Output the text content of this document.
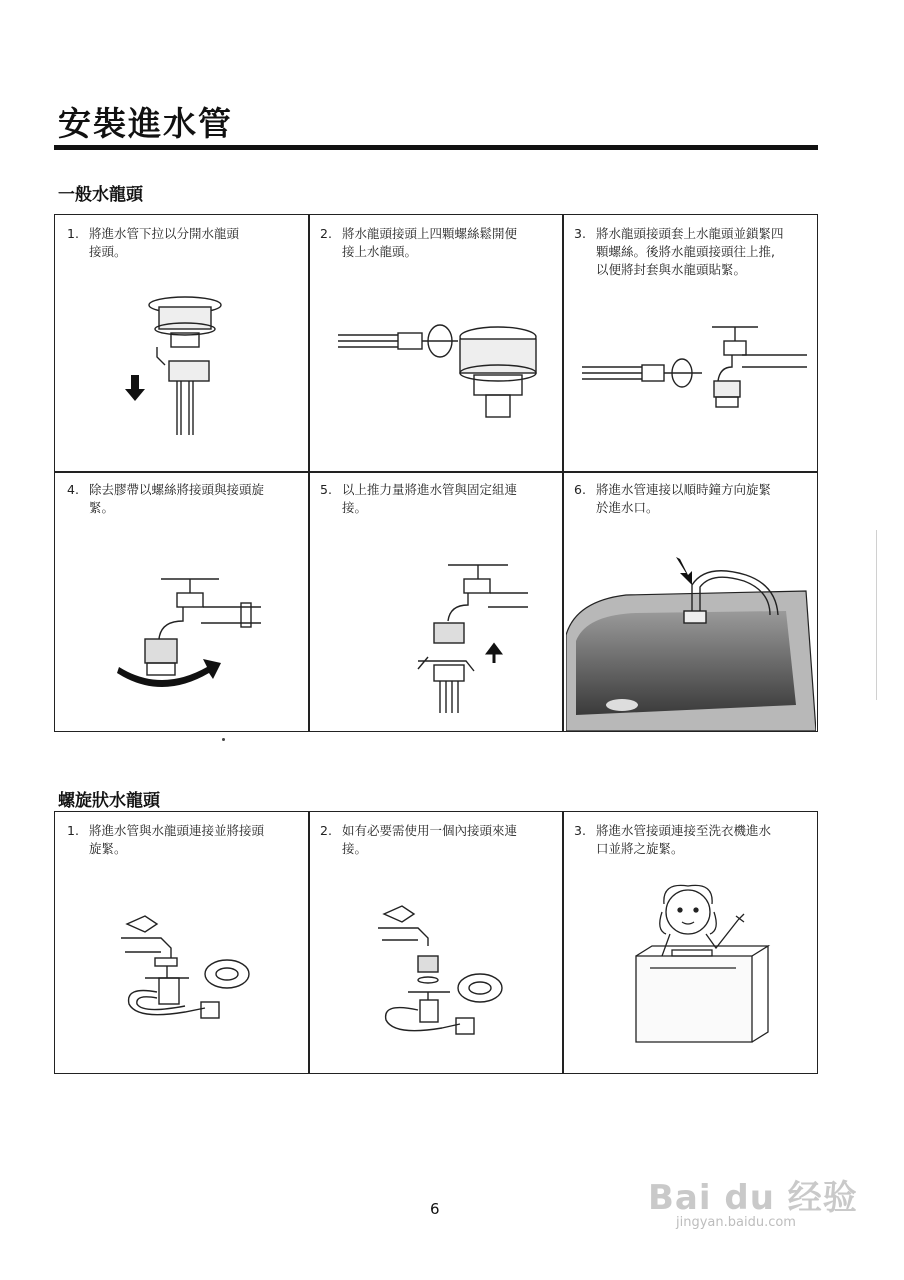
安裝進水管
一般水龍頭
1. 將進水管下拉以分開水龍頭
接頭。
2. 將水龍頭接頭上四顆螺絲鬆開便
接上水龍頭。
3. 將水龍頭接頭套上水龍頭並鎖緊四
顆螺絲。後將水龍頭接頭往上推,
以便將封套與水龍頭貼緊。
4. 除去膠帶以螺絲將接頭與接頭旋
緊。
5. 以上推力量將進水管與固定組連
接。
6. 將進水管連接以順時鐘方向旋緊
於進水口。
螺旋狀水龍頭
1. 將進水管與水龍頭連接並將接頭
旋緊。
2. 如有必要需使用一個內接頭來連
接。
3. 將進水管接頭連接至洗衣機進水
口並將之旋緊。
6	Bai du 经验
jingyan.baidu.com
